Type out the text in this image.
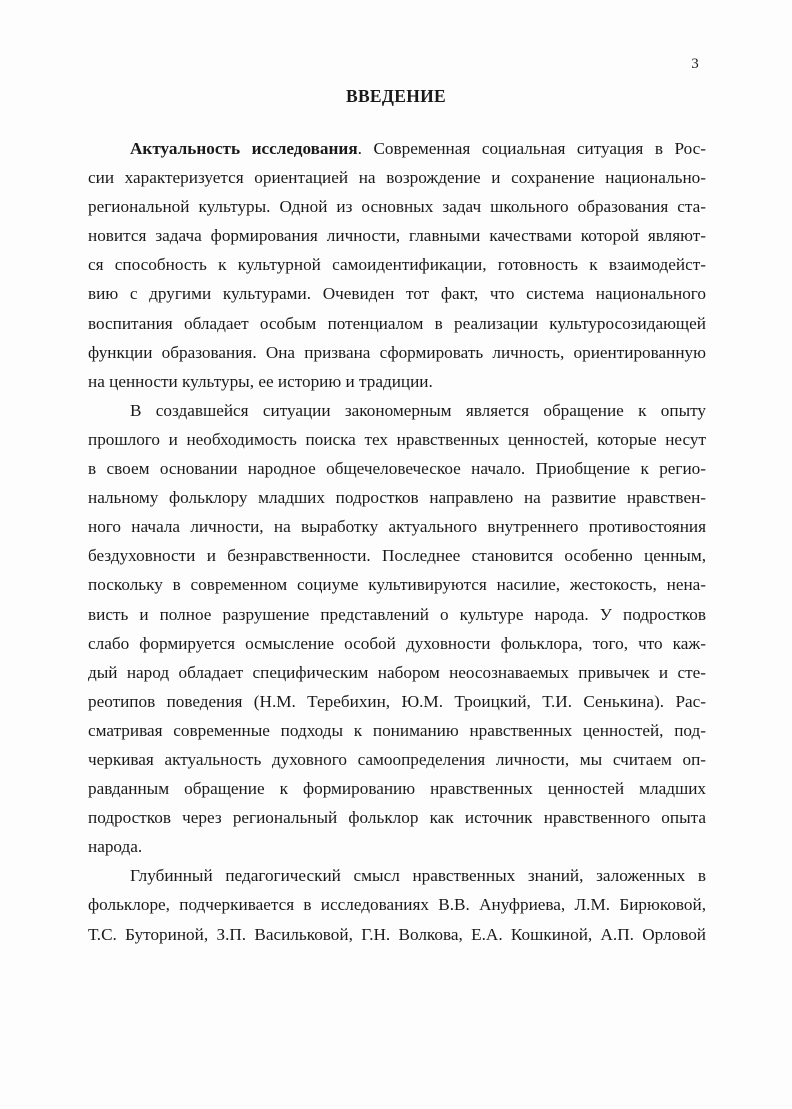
3
ВВЕДЕНИЕ
Актуальность исследования. Современная социальная ситуация в Рос-
сии характеризуется ориентацией на возрождение и сохранение национально-
региональной культуры. Одной из основных задач школьного образования ста-
новится задача формирования личности, главными качествами которой являют-
ся способность к культурной самоидентификации, готовность к взаимодейст-
вию с другими культурами. Очевиден тот факт, что система национального
воспитания обладает особым потенциалом в реализации культуросозидающей
функции образования. Она призвана сформировать личность, ориентированную
на ценности культуры, ее историю и традиции.
В создавшейся ситуации закономерным является обращение к опыту
прошлого и необходимость поиска тех нравственных ценностей, которые несут
в своем основании народное общечеловеческое начало. Приобщение к регио-
нальному фольклору младших подростков направлено на развитие нравствен-
ного начала личности, на выработку актуального внутреннего противостояния
бездуховности и безнравственности. Последнее становится особенно ценным,
поскольку в современном социуме культивируются насилие, жестокость, нена-
висть и полное разрушение представлений о культуре народа. У подростков
слабо формируется осмысление особой духовности фольклора, того, что каж-
дый народ обладает специфическим набором неосознаваемых привычек и сте-
реотипов поведения (Н.М. Теребихин, Ю.М. Троицкий, Т.И. Сенькина). Рас-
сматривая современные подходы к пониманию нравственных ценностей, под-
черкивая актуальность духовного самоопределения личности, мы считаем оп-
равданным обращение к формированию нравственных ценностей младших
подростков через региональный фольклор как источник нравственного опыта
народа.
Глубинный педагогический смысл нравственных знаний, заложенных в
фольклоре, подчеркивается в исследованиях В.В. Ануфриева, Л.М. Бирюковой,
Т.С. Буториной, З.П. Васильковой, Г.Н. Волкова, Е.А. Кошкиной, А.П. Орловой
